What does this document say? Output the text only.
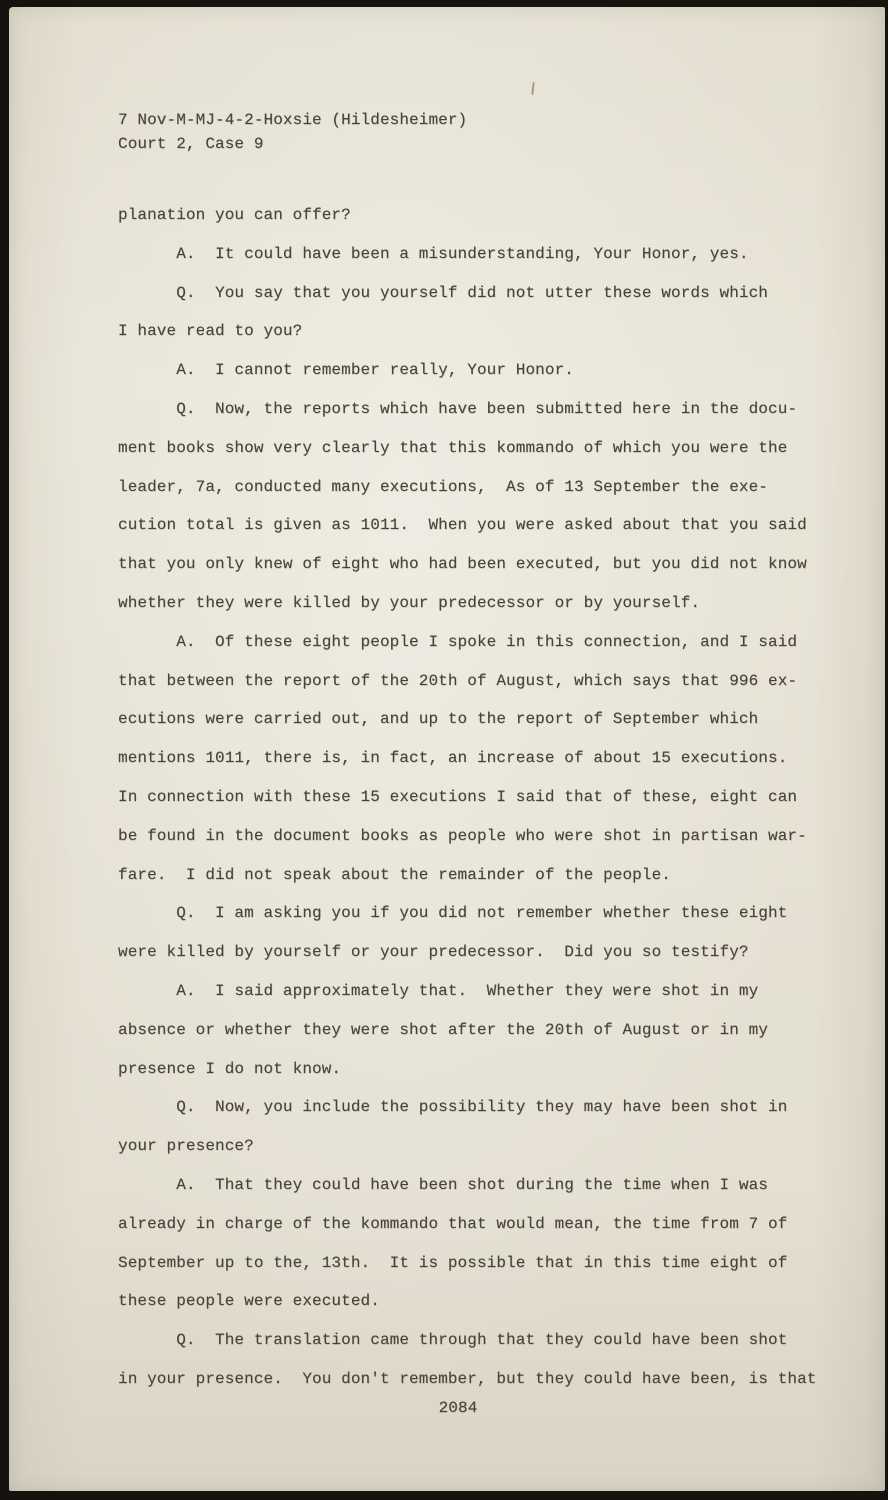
7 Nov-M-MJ-4-2-Hoxsie (Hildesheimer)
Court 2, Case 9
planation you can offer?
A.  It could have been a misunderstanding, Your Honor, yes.
Q.  You say that you yourself did not utter these words which
I have read to you?
A.  I cannot remember really, Your Honor.
Q.  Now, the reports which have been submitted here in the docu-
ment books show very clearly that this kommando of which you were the
leader, 7a, conducted many executions,  As of 13 September the exe-
cution total is given as 1011.  When you were asked about that you said
that you only knew of eight who had been executed, but you did not know
whether they were killed by your predecessor or by yourself.
A.  Of these eight people I spoke in this connection, and I said
that between the report of the 20th of August, which says that 996 ex-
ecutions were carried out, and up to the report of September which
mentions 1011, there is, in fact, an increase of about 15 executions.
In connection with these 15 executions I said that of these, eight can
be found in the document books as people who were shot in partisan war-
fare.  I did not speak about the remainder of the people.
Q.  I am asking you if you did not remember whether these eight
were killed by yourself or your predecessor.  Did you so testify?
A.  I said approximately that.  Whether they were shot in my
absence or whether they were shot after the 20th of August or in my
presence I do not know.
Q.  Now, you include the possibility they may have been shot in
your presence?
A.  That they could have been shot during the time when I was
already in charge of the kommando that would mean, the time from 7 of
September up to the, 13th.  It is possible that in this time eight of
these people were executed.
Q.  The translation came through that they could have been shot
in your presence.  You don't remember, but they could have been, is that
2084
